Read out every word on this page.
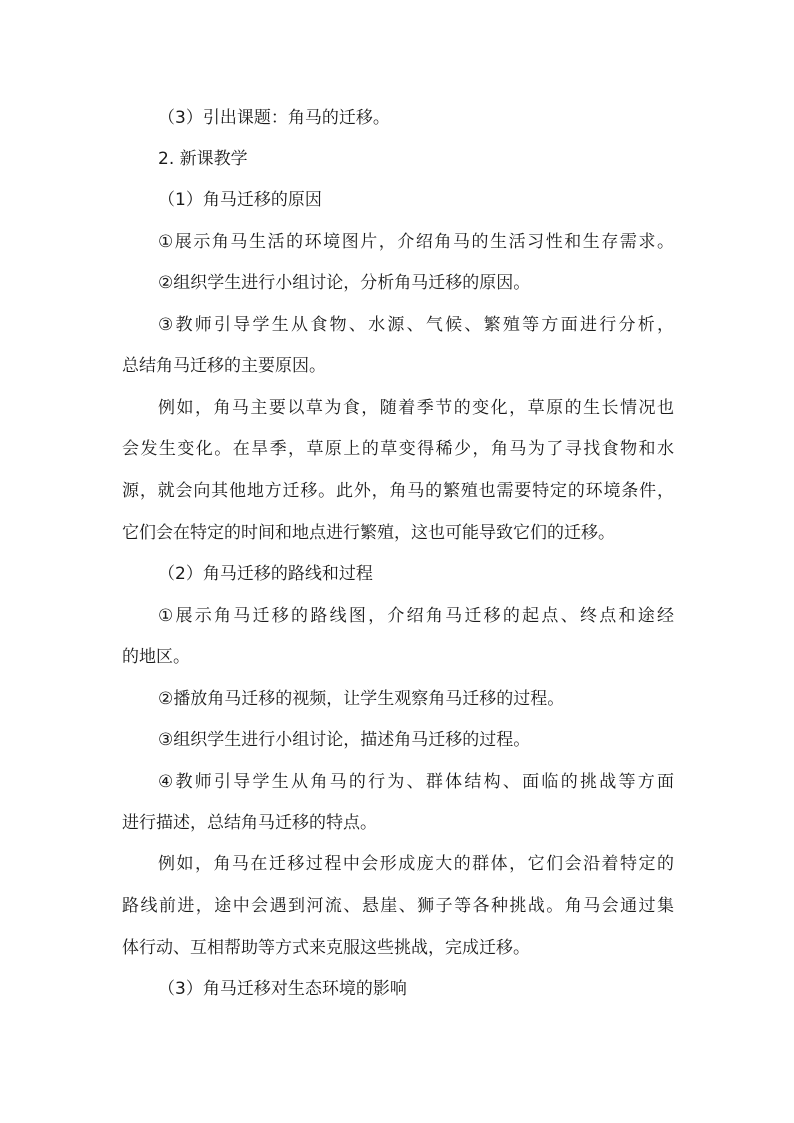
（3）引出课题：角马的迁移。
2. 新课教学
（1）角马迁移的原因
①展示角马生活的环境图片，介绍角马的生活习性和生存需求。
②组织学生进行小组讨论，分析角马迁移的原因。
③教师引导学生从食物、水源、气候、繁殖等方面进行分析，
总结角马迁移的主要原因。
例如，角马主要以草为食，随着季节的变化，草原的生长情况也
会发生变化。在旱季，草原上的草变得稀少，角马为了寻找食物和水
源，就会向其他地方迁移。此外，角马的繁殖也需要特定的环境条件，
它们会在特定的时间和地点进行繁殖，这也可能导致它们的迁移。
（2）角马迁移的路线和过程
①展示角马迁移的路线图，介绍角马迁移的起点、终点和途经
的地区。
②播放角马迁移的视频，让学生观察角马迁移的过程。
③组织学生进行小组讨论，描述角马迁移的过程。
④教师引导学生从角马的行为、群体结构、面临的挑战等方面
进行描述，总结角马迁移的特点。
例如，角马在迁移过程中会形成庞大的群体，它们会沿着特定的
路线前进，途中会遇到河流、悬崖、狮子等各种挑战。角马会通过集
体行动、互相帮助等方式来克服这些挑战，完成迁移。
（3）角马迁移对生态环境的影响
